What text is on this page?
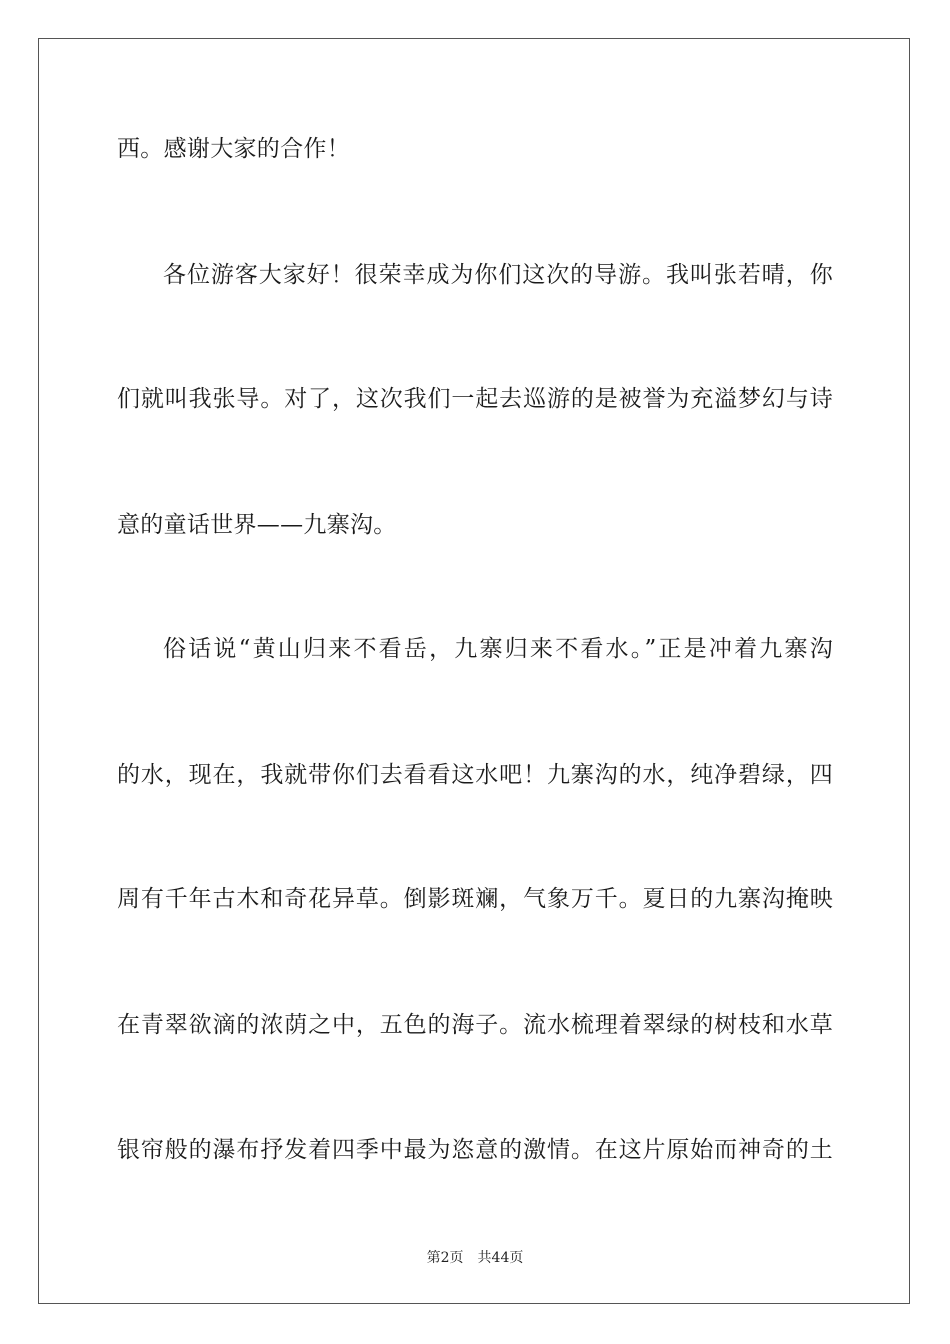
西。感谢大家的合作！
各位游客大家好！很荣幸成为你们这次的导游。我叫张若晴，你
们就叫我张导。对了，这次我们一起去巡游的是被誉为充溢梦幻与诗
意的童话世界——九寨沟。
俗话说“黄山归来不看岳，九寨归来不看水。”正是冲着九寨沟
的水，现在，我就带你们去看看这水吧！九寨沟的水，纯净碧绿，四
周有千年古木和奇花异草。倒影斑斓，气象万千。夏日的九寨沟掩映
在青翠欲滴的浓荫之中，五色的海子。流水梳理着翠绿的树枝和水草
银帘般的瀑布抒发着四季中最为恣意的激情。在这片原始而神奇的土
第2页 共44页
